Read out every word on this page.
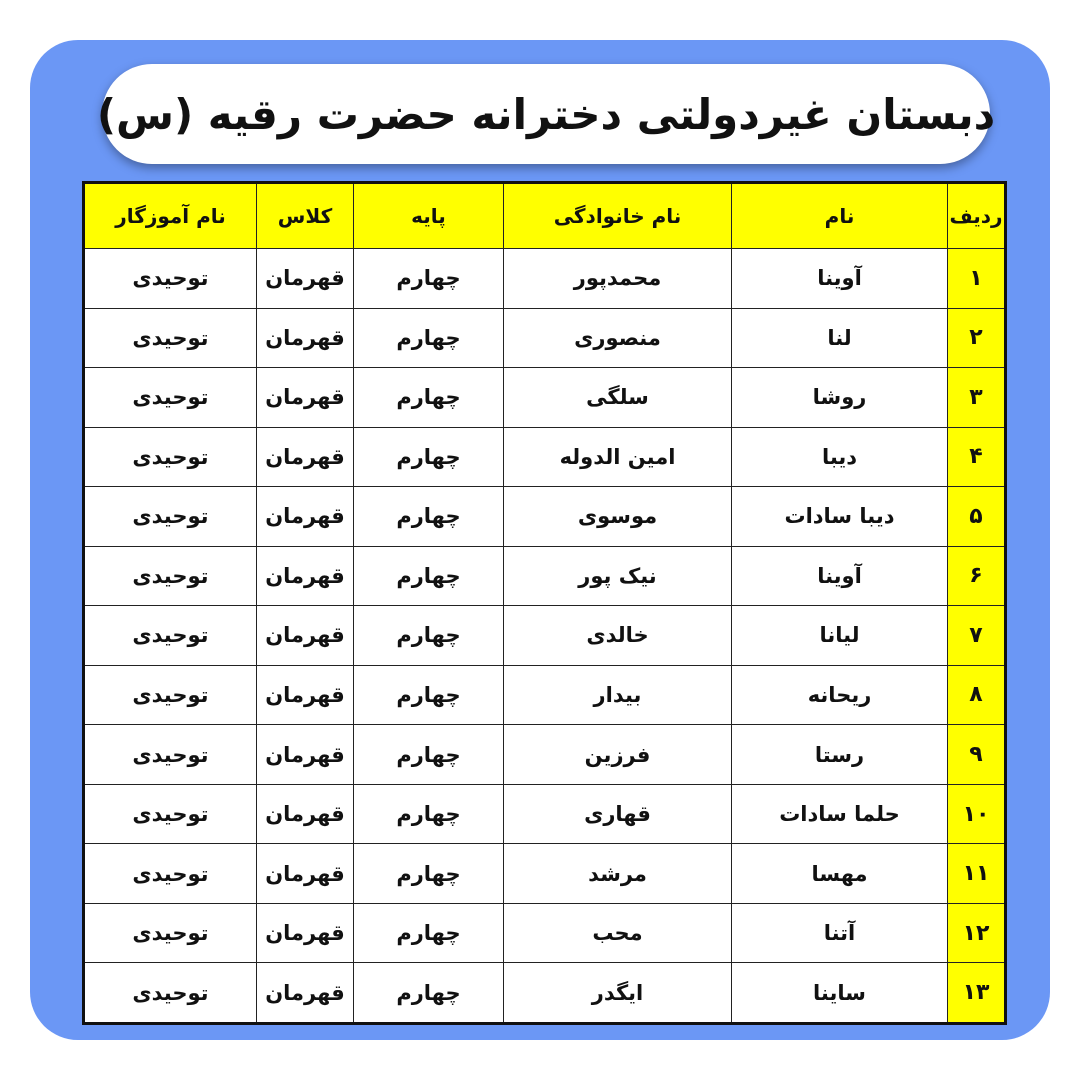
دبستان غیردولتی دخترانه حضرت رقیه (س)
ردیف	نام	نام خانوادگی	پایه	کلاس	نام آموزگار
۱	آوینا	محمدپور	چهارم	قهرمان	توحیدی
۲	لنا	منصوری	چهارم	قهرمان	توحیدی
۳	روشا	سلگی	چهارم	قهرمان	توحیدی
۴	دیبا	امین الدوله	چهارم	قهرمان	توحیدی
۵	دیبا سادات	موسوی	چهارم	قهرمان	توحیدی
۶	آوینا	نیک پور	چهارم	قهرمان	توحیدی
۷	لیانا	خالدی	چهارم	قهرمان	توحیدی
۸	ریحانه	بیدار	چهارم	قهرمان	توحیدی
۹	رستا	فرزین	چهارم	قهرمان	توحیدی
۱۰	حلما سادات	قهاری	چهارم	قهرمان	توحیدی
۱۱	مهسا	مرشد	چهارم	قهرمان	توحیدی
۱۲	آتنا	محب	چهارم	قهرمان	توحیدی
۱۳	ساینا	ایگدر	چهارم	قهرمان	توحیدی
